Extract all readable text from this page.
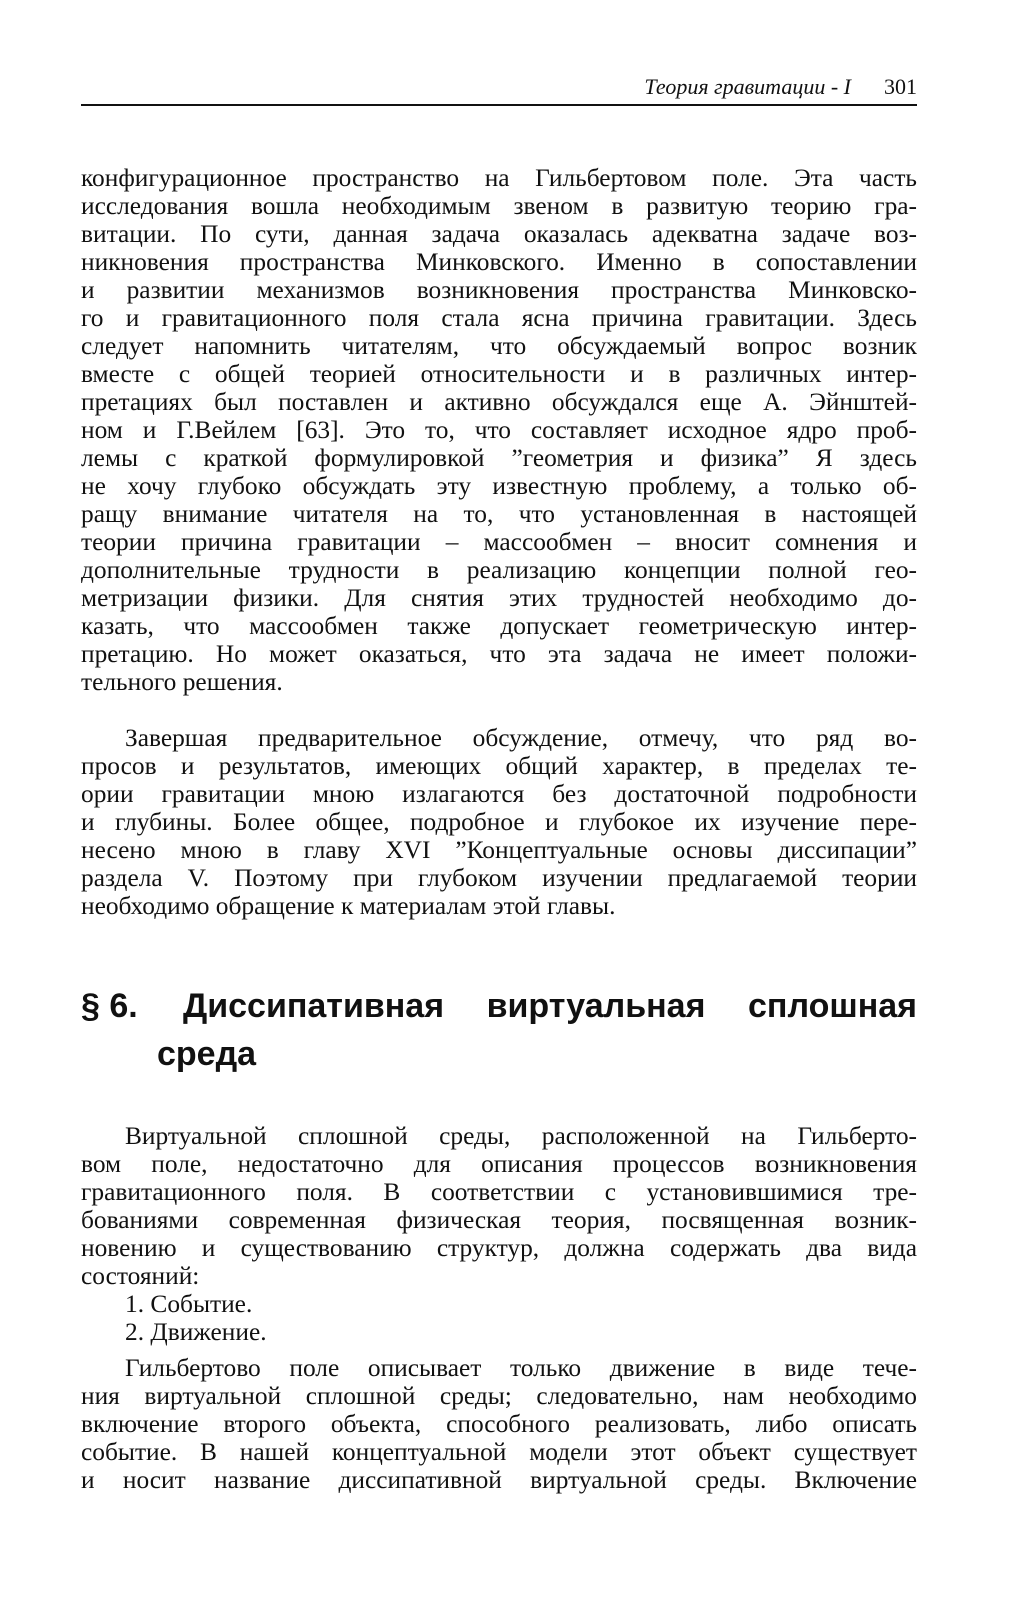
Теория гравитации - I 301
конфигурационное пространство на Гильбертовом поле. Эта часть
исследования вошла необходимым звеном в развитую теорию гра-
витации. По сути, данная задача оказалась адекватна задаче воз-
никновения пространства Минковского. Именно в сопоставлении
и развитии механизмов возникновения пространства Минковско-
го и гравитационного поля стала ясна причина гравитации. Здесь
следует напомнить читателям, что обсуждаемый вопрос возник
вместе с общей теорией относительности и в различных интер-
претациях был поставлен и активно обсуждался еще А. Эйнштей-
ном и Г.Вейлем [63]. Это то, что составляет исходное ядро проб-
лемы с краткой формулировкой ”геометрия и физика” Я здесь
не хочу глубоко обсуждать эту известную проблему, а только об-
ращу внимание читателя на то, что установленная в настоящей
теории причина гравитации – массообмен – вносит сомнения и
дополнительные трудности в реализацию концепции полной гео-
метризации физики. Для снятия этих трудностей необходимо до-
казать, что массообмен также допускает геометрическую интер-
претацию. Но может оказаться, что эта задача не имеет положи-
тельного решения.
Завершая предварительное обсуждение, отмечу, что ряд во-
просов и результатов, имеющих общий характер, в пределах те-
ории гравитации мною излагаются без достаточной подробности
и глубины. Более общее, подробное и глубокое их изучение пере-
несено мною в главу XVI ”Концептуальные основы диссипации”
раздела V. Поэтому при глубоком изучении предлагаемой теории
необходимо обращение к материалам этой главы.
§ 6. Диссипативная виртуальная сплошная
среда
Виртуальной сплошной среды, расположенной на Гильберто-
вом поле, недостаточно для описания процессов возникновения
гравитационного поля. В соответствии с установившимися тре-
бованиями современная физическая теория, посвященная возник-
новению и существованию структур, должна содержать два вида
состояний:
1. Событие.
2. Движение.
Гильбертово поле описывает только движение в виде тече-
ния виртуальной сплошной среды; следовательно, нам необходимо
включение второго объекта, способного реализовать, либо описать
событие. В нашей концептуальной модели этот объект существует
и носит название диссипативной виртуальной среды. Включение
